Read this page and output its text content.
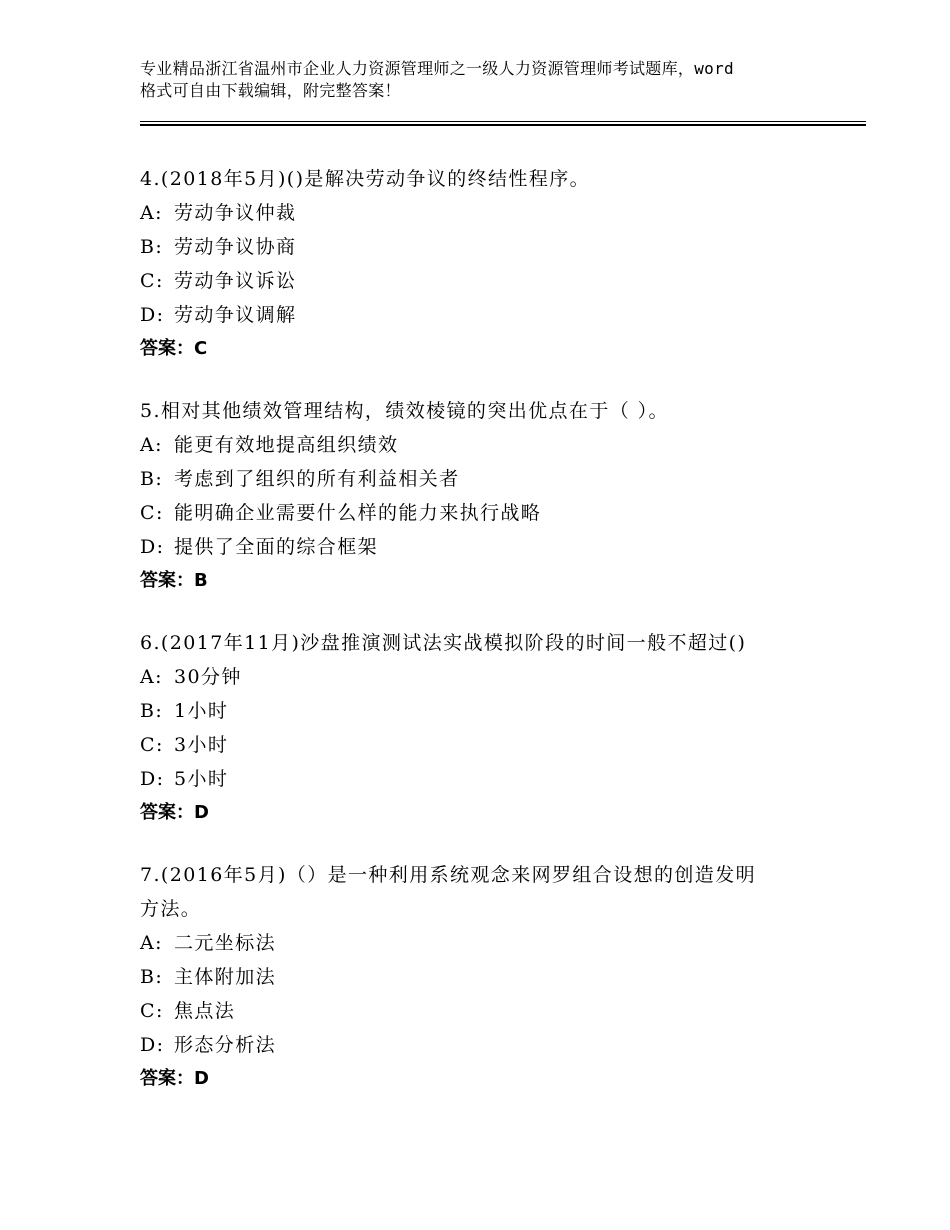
专业精品浙江省温州市企业人力资源管理师之一级人力资源管理师考试题库，word
格式可自由下载编辑，附完整答案！
4.(2018年5月)()是解决劳动争议的终结性程序。
A: 劳动争议仲裁
B: 劳动争议协商
C: 劳动争议诉讼
D: 劳动争议调解
答案：C
5.相对其他绩效管理结构，绩效棱镜的突出优点在于（ ）。
A: 能更有效地提高组织绩效
B: 考虑到了组织的所有利益相关者
C: 能明确企业需要什么样的能力来执行战略
D: 提供了全面的综合框架
答案：B
6.(2017年11月)沙盘推演测试法实战模拟阶段的时间一般不超过()
A: 30分钟
B: 1小时
C: 3小时
D: 5小时
答案：D
7.(2016年5月)（）是一种利用系统观念来网罗组合设想的创造发明
方法。
A: 二元坐标法
B: 主体附加法
C: 焦点法
D: 形态分析法
答案：D
